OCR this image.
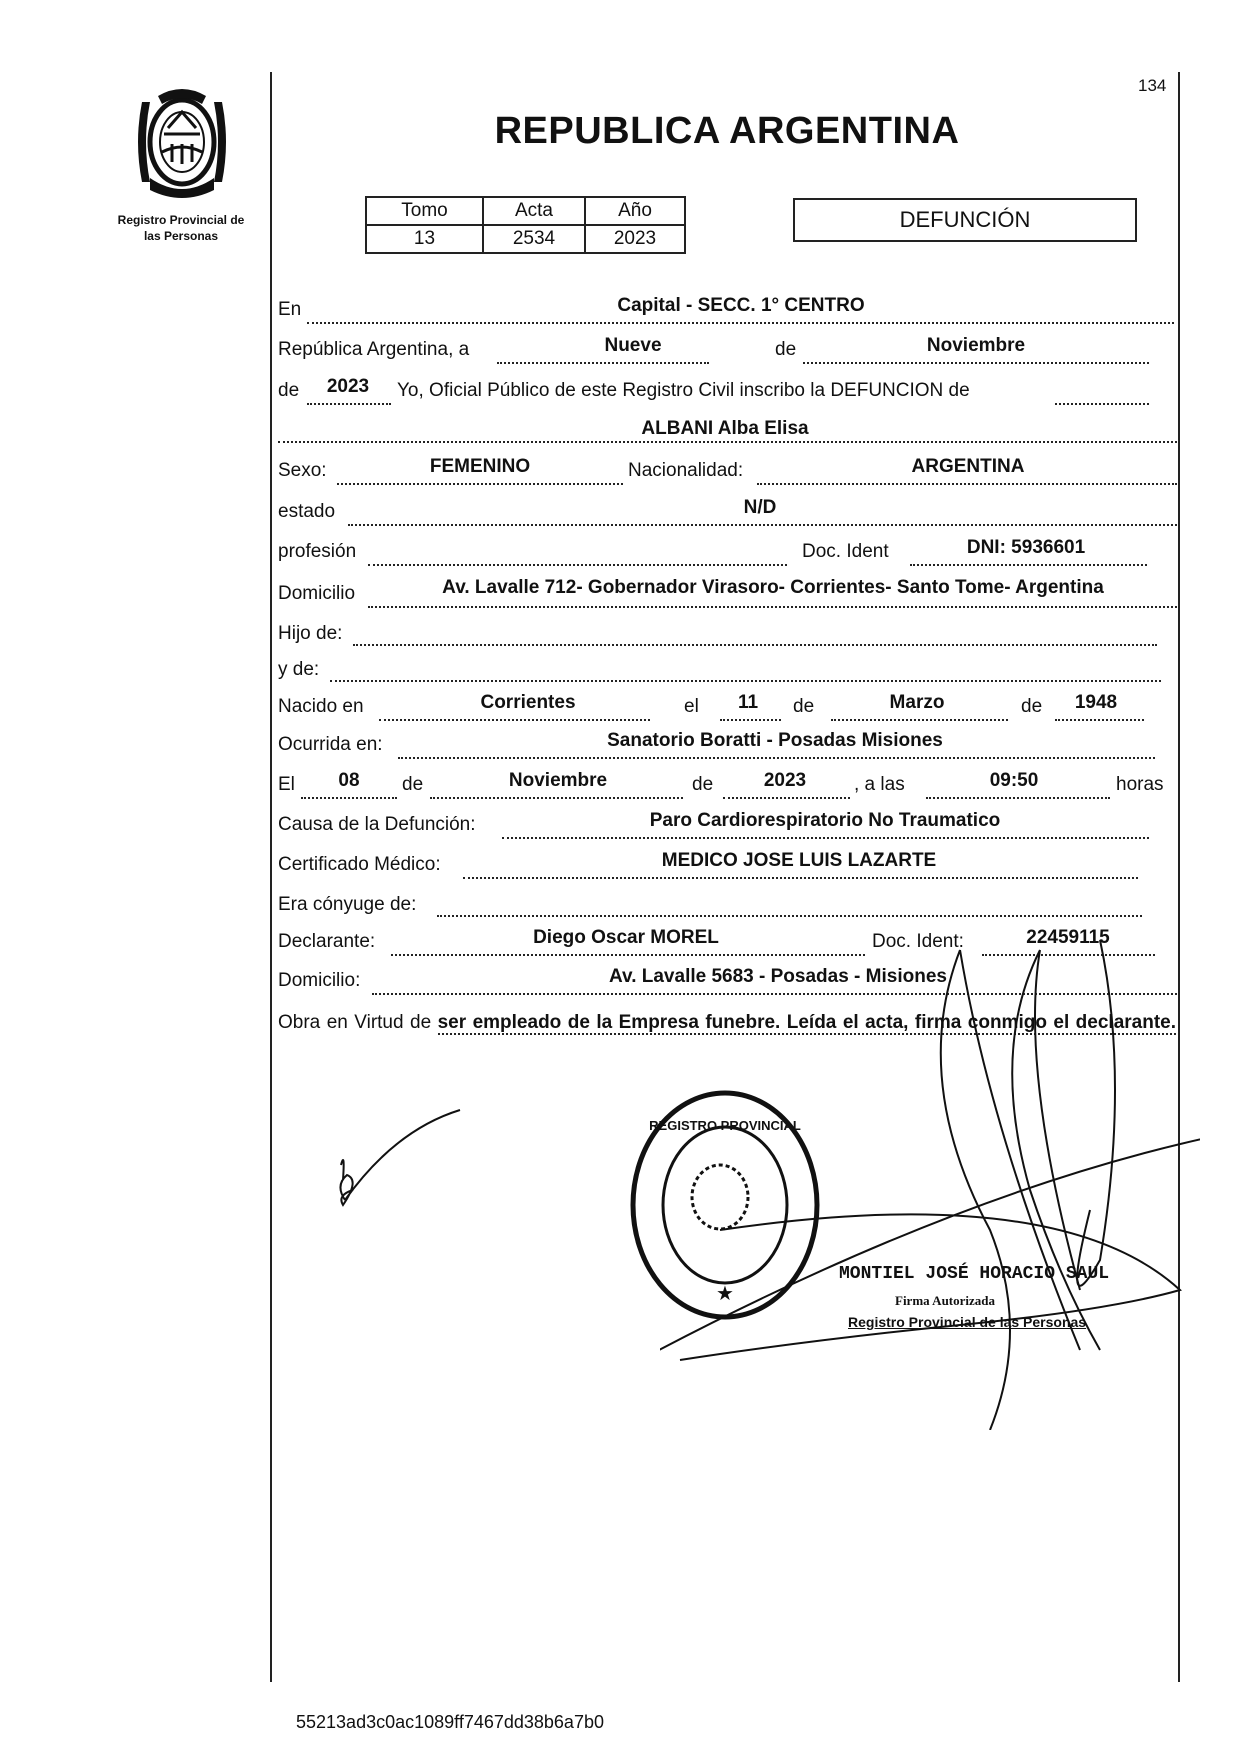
134
Registro Provincial de
las Personas
REPUBLICA ARGENTINA
Tomo	Acta	Año
13	2534	2023
DEFUNCIÓN
En	Capital - SECC. 1° CENTRO
República Argentina, a	Nueve	de	Noviembre
de 2023 Yo, Oficial Público de este Registro Civil inscribo la DEFUNCION de
ALBANI Alba Elisa
Sexo:	FEMENINO	Nacionalidad:	ARGENTINA
estado	N/D
profesión	Doc. Ident	DNI: 5936601
Domicilio	Av. Lavalle 712- Gobernador Virasoro- Corrientes- Santo Tome- Argentina
Hijo de:
y de:
Nacido en	Corrientes	el 11 de	Marzo	de 1948
Ocurrida en:	Sanatorio Boratti - Posadas Misiones
El 08 de	Noviembre	de	2023	, a las	09:50	horas
Causa de la Defunción:	Paro Cardiorespiratorio No Traumatico
Certificado Médico:	MEDICO JOSE LUIS LAZARTE
Era cónyuge de:
Declarante:	Diego Oscar MOREL	Doc. Ident:	22459115
Domicilio:	Av. Lavalle 5683 - Posadas - Misiones
Obra en Virtud de ser empleado de la Empresa funebre. Leída el acta, firma conmigo el declarante.
REGISTRO PROVINCIAL
★
MONTIEL JOSÉ HORACIO SAUL
Firma Autorizada
Registro Provincial de las Personas
55213ad3c0ac1089ff7467dd38b6a7b0
